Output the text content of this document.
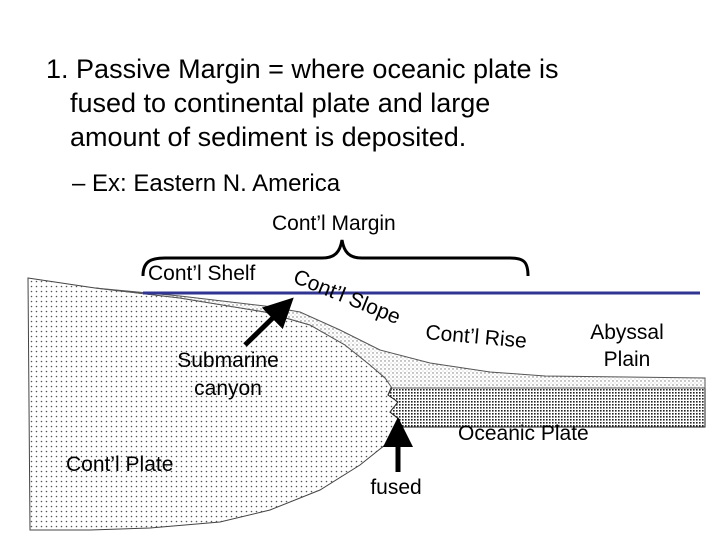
1. Passive Margin = where oceanic plate is
fused to continental plate and large
amount of sediment is deposited.
– Ex: Eastern N. America
Cont’l Margin
Cont’l Shelf Cont’l Slope
Cont’l Rise	Abyssal
Plain
Submarine
canyon
Oceanic Plate
Cont’l Plate
fused
